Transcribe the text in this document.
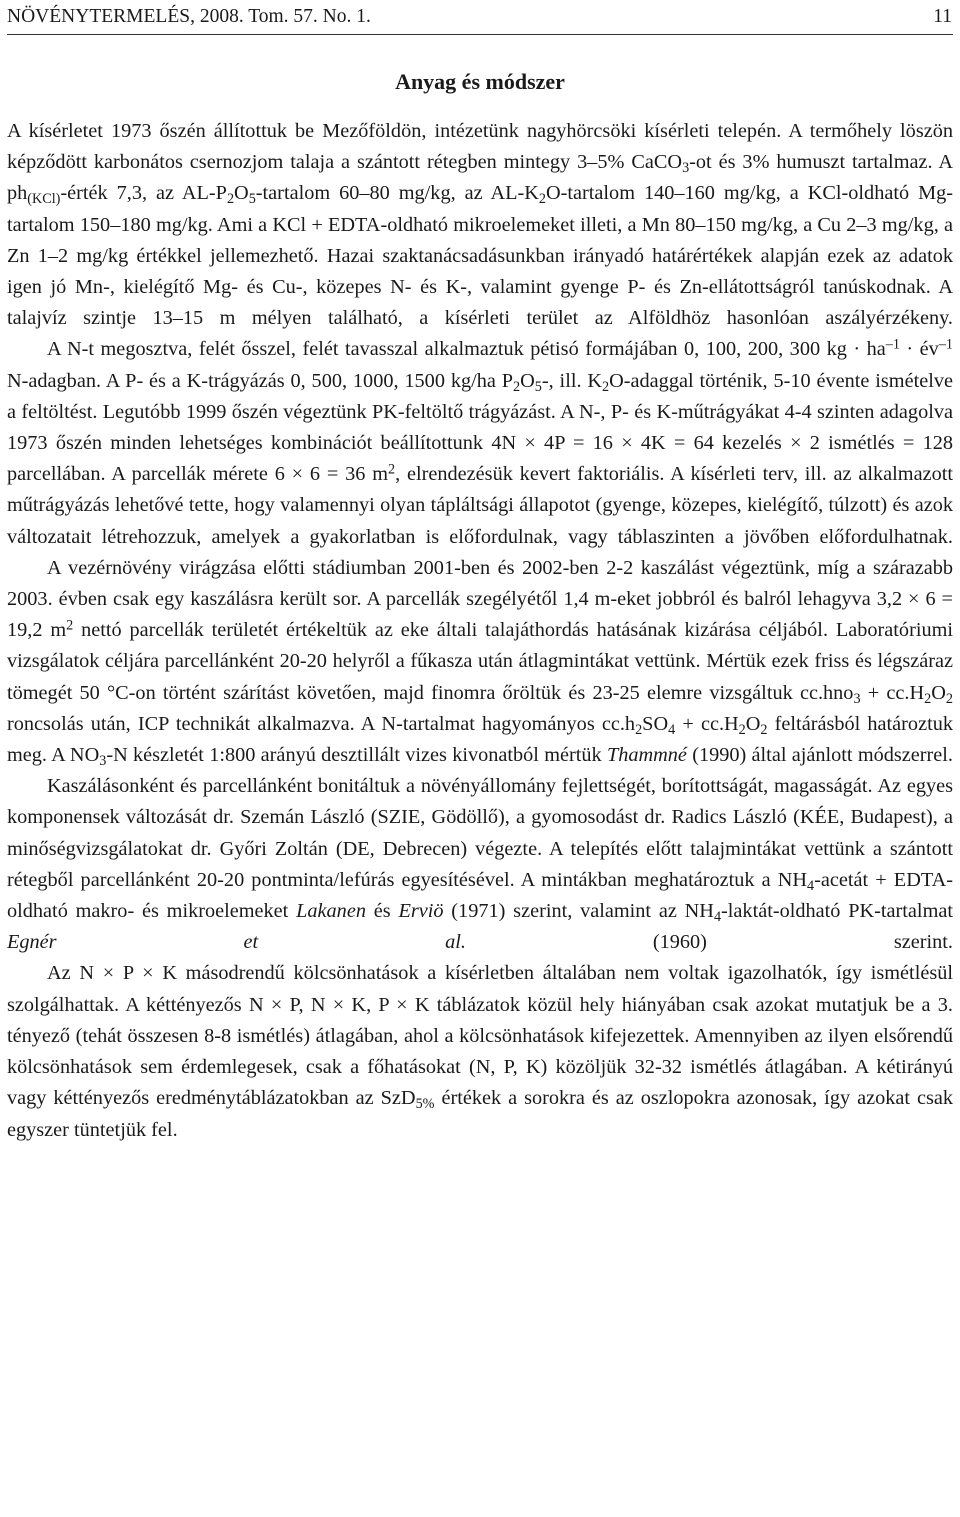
NÖVÉNYTERMELÉS, 2008. Tom. 57. No. 1.	11
Anyag és módszer

A kísérletet 1973 őszén állítottuk be Mezőföldön, intézetünk nagyhörcsöki kísérleti telepén. A termőhely löszön képződött karbonátos csernozjom talaja a szántott rétegben mintegy 3–5% CaCO$_3$-ot és 3% humuszt tartalmaz. A $ph_{(KCl)}$-érték 7,3, az $AL-P_2O_5$-tartalom 60–80 mg/kg, az $AL-K_2O$-tartalom 140–160 mg/kg, a KCl-oldható Mg-tartalom 150–180 mg/kg. Ami a KCl + EDTA-oldható mikroelemeket illeti, a Mn 80–150 mg/kg, a Cu 2–3 mg/kg, a Zn 1–2 mg/kg értékkel jellemezhető. Hazai szaktanácsadásunkban irányadó határértékek alapján ezek az adatok igen jó Mn-, kielégítő Mg- és Cu-, közepes N- és K-, valamint gyenge P- és Zn-ellátottságról tanúskodnak. A talajvíz szintje 13–15 m mélyen található, a kísérleti terület az Alföldhöz hasonlóan aszályérzékeny.

A N-t megosztva, felét ősszel, felét tavasszal alkalmaztuk pétisó formájában 0, 100, 200, 300 kg · $ha^{-1}$ · $év^{-1}$ N-adagban. A P- és a K-trágyázás 0, 500, 1000, 1500 kg/ha $P_2O_5-$, ill. $K_2O$-adaggal történik, 5-10 évente ismételve a feltöltést. Legutóbb 1999 őszén végeztünk PK-feltöltő trágyázást. A N-, P- és K-műtrágyákat 4-4 szinten adagolva 1973 őszén minden lehetséges kombinációt beállítottunk 4N × 4P = 16 × 4K = 64 kezelés × 2 ismétlés = 128 parcellában. A parcellák mérete 6 × 6 = 36 $m^2$, elrendezésük kevert faktoriális. A kísérleti terv, ill. az alkalmazott műtrágyázás lehetővé tette, hogy valamennyi olyan tápláltsági állapotot (gyenge, közepes, kielégítő, túlzott) és azok változatait létrehozzuk, amelyek a gyakorlatban is előfordulnak, vagy táblaszinten a jövőben előfordulhatnak.

A vezérnövény virágzása előtti stádiumban 2001-ben és 2002-ben 2-2 kaszálást végeztünk, míg a szárazabb 2003. évben csak egy kaszálásra került sor. A parcellák szegélyétől 1,4 m-eket jobbról és balról lehagyva 3,2 × 6 = 19,2 $m^2$ nettó parcellák területét értékeltük az eke általi talajáthordás hatásának kizárása céljából. Laboratóriumi vizsgálatok céljára parcellánként 20-20 helyről a fűkasza után átlagmintákat vettünk. Mértük ezek friss és légszáraz tömegét 50 °C-on történt szárítást követően, majd finomra őröltük és 23-25 elemre vizsgáltuk $cc.hno_3 + cc.H_2O_2$ roncsolás után, ICP technikát alkalmazva. A N-tartalmat hagyományos $cc.h_2SO_4 + cc.H_2O_2$ feltárásból határoztuk meg. A $NO_3-N$ készletét 1:800 arányú desztillált vizes kivonatból mértük Thammné (1990) által ajánlott módszerrel.

Kaszálásonként és parcellánként bonitáltuk a növényállomány fejlettségét, borítottságát, magasságát. Az egyes komponensek változását dr. Szemán László (SZIE, Gödöllő), a gyomosodást dr. Radics László (KÉE, Budapest), a minőségvizsgálatokat dr. Győri Zoltán (DE, Debrecen) végezte. A telepítés előtt talajmintákat vettünk a szántott rétegből parcellánként 20-20 pontminta/lefúrás egyesítésével. A mintákban meghatároztuk a $NH_4$-acetát + EDTA-oldható makro- és mikroelemeket Lakanen és Erviö (1971) szerint, valamint az $NH_4-laktát$-oldható PK-tartalmat Egnér et al. (1960) szerint.

Az N × P × K másodrendű kölcsönhatások a kísérletben általában nem voltak igazolhatók, így ismétlésül szolgálhattak. A kéttényezős N × P, N × K, P × K táblázatok közül hely hiányában csak azokat mutatjuk be a 3. tényező (tehát összesen 8-8 ismétlés) átlagában, ahol a kölcsönhatások kifejezettek. Amennyiben az ilyen elsőrendű kölcsönhatások sem érdemlegesek, csak a főhatásokat (N, P, K) közöljük 32-32 ismétlés átlagában. A kétirányú vagy kéttényezős eredménytáblázatokban az SzD$_{5\%}$ értékek a sorokra és az oszlopokra azonosak, így azokat csak egyszer tüntetjük fel.
